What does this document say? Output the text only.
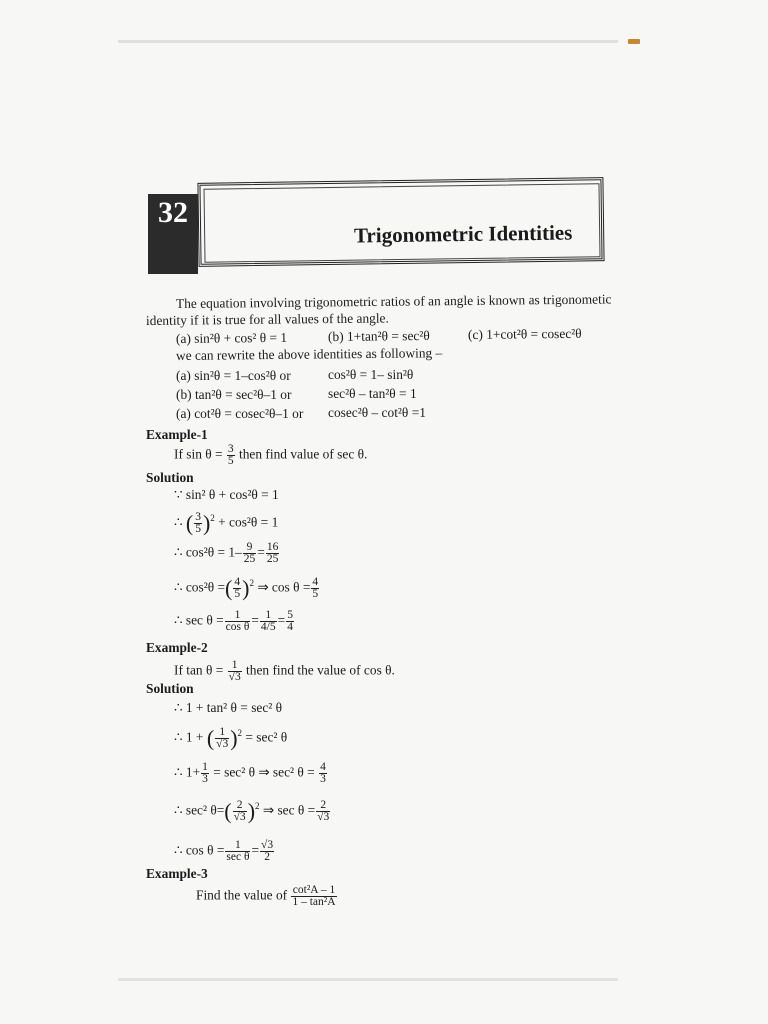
32
Trigonometric Identities
The equation involving trigonometric ratios of an angle is known as trigonometic
identity if it is true for all values of the angle.
(a) sin²θ + cos² θ = 1	(b) 1+tan²θ = sec²θ	(c) 1+cot²θ = cosec²θ
we can rewrite the above identities as following –
(a) sin²θ = 1–cos²θ or	cos²θ = 1– sin²θ
(b) tan²θ = sec²θ–1 or	sec²θ – tan²θ = 1
(a) cot²θ = cosec²θ–1 or cosec²θ – cot²θ =1
Example-1
If $\sin \theta = \frac{3}{5}$ then find value of sec θ.
Solution
∵ sin² θ + cos²θ = 1
∴ ( $\frac{3}{5} )^2 + \cos^2\theta = 1$
∴ $\cos^2\theta = 1- \frac{9}{25} = \frac{16}{25}$
∴ cos²θ =( $\frac{4}{5} )^2$ ⇒ $\cos \theta = \frac{4}{5}$
∴ $\sec \theta = \frac{1}{\text{cos θ}} = \frac{1}{4/5} = \frac{5}{4}$
Example-2
If $\tan \theta = \frac{1}{√3}$ then find the value of cos θ.
Solution
∴ 1 + tan² θ = sec² θ
∴ 1 + ( $\frac{1}{√3} )^2 = \sec^2$ θ
∴ $1+ \frac{1}{3} = \sec^2$ θ ⇒ sec² $\theta = \frac{4}{3}$
∴ sec² $\theta=( \frac{2}{√3} )^2$ ⇒ $\sec \theta = \frac{2}{√3}$
∴ $\cos \theta = \frac{1}{\text{sec θ}} = \frac{√3}{2}$
Example-3
Find the value of $\frac{\text{cot²A – 1}}{\text{1 – tan²A}}$
